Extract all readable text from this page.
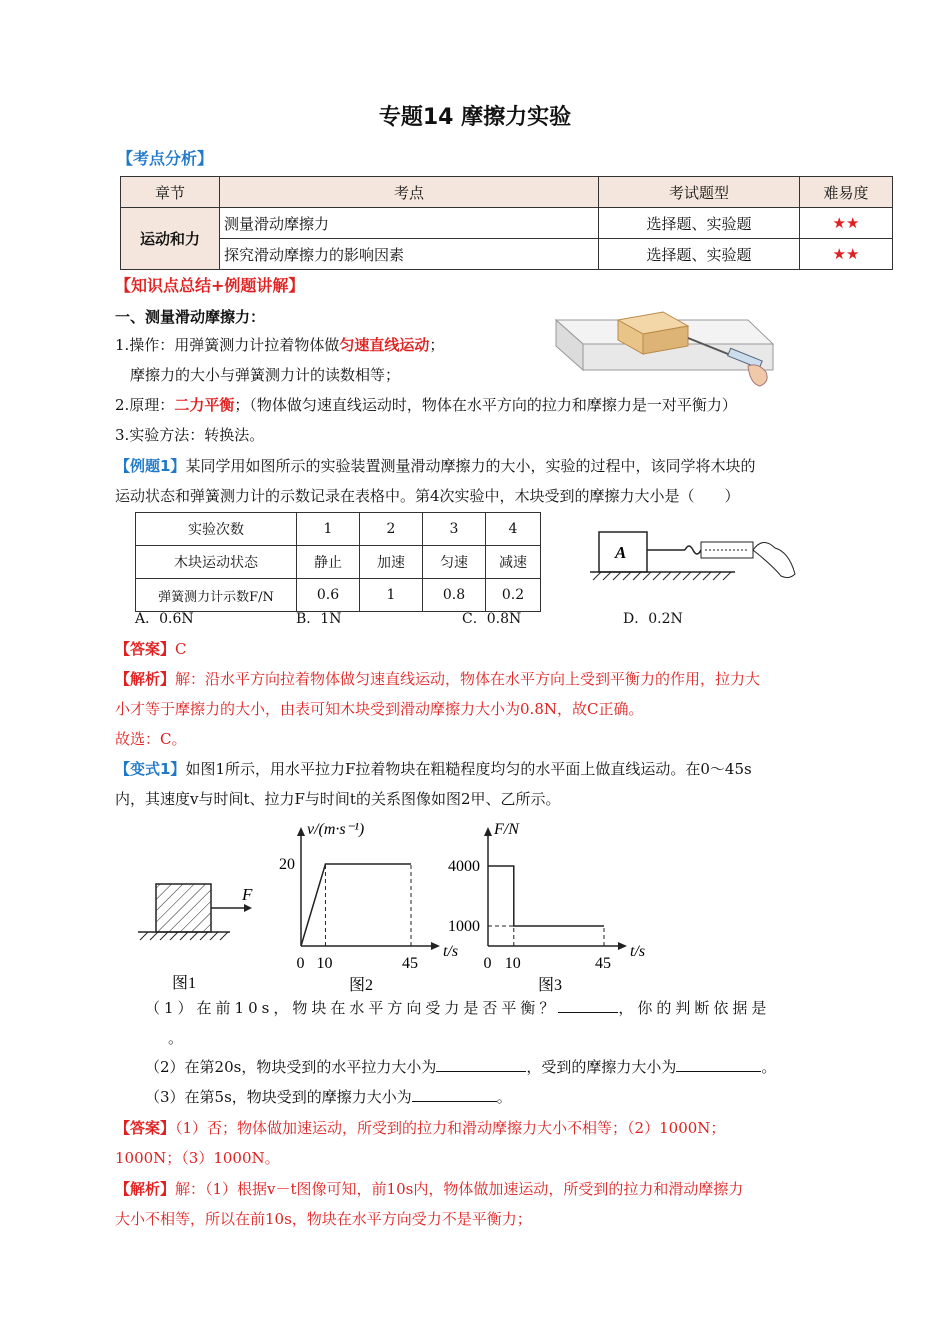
专题14 摩擦力实验
【考点分析】
章节	考点	考试题型	难易度
运动和力	测量滑动摩擦力	选择题、实验题	★★
	探究滑动摩擦力的影响因素	选择题、实验题	★★
【知识点总结+例题讲解】
一、测量滑动摩擦力：
1.操作：用弹簧测力计拉着物体做匀速直线运动；
摩擦力的大小与弹簧测力计的读数相等；
2.原理：二力平衡；（物体做匀速直线运动时，物体在水平方向的拉力和摩擦力是一对平衡力）
3.实验方法：转换法。
【例题1】某同学用如图所示的实验装置测量滑动摩擦力的大小，实验的过程中，该同学将木块的
运动状态和弹簧测力计的示数记录在表格中。第4次实验中，木块受到的摩擦力大小是（　　）
实验次数	1	2	3	4
木块运动状态	静止	加速	匀速	减速
弹簧测力计示数F/N	0.6	1	0.8	0.2
A
A．0.6N	B．1N	C．0.8N	D．0.2N
【答案】C
【解析】解：沿水平方向拉着物体做匀速直线运动，物体在水平方向上受到平衡力的作用，拉力大
小才等于摩擦力的大小，由表可知木块受到滑动摩擦力大小为0.8N，故C正确。
故选：C。
【变式1】如图1所示，用水平拉力F拉着物块在粗糙程度均匀的水平面上做直线运动。在0～45s
内，其速度v与时间t、拉力F与时间t的关系图像如图2甲、乙所示。
F
图1
v/(m·s⁻¹)
t/s
0 10	45
20
图2
F/N
t/s
0 10	45
4000
1000
图3
（1）在前10s，物块在水平方向受力是否平衡？	，你的判断依据是
。
（2）在第20s，物块受到的水平拉力大小为	，受到的摩擦力大小为	。
（3）在第5s，物块受到的摩擦力大小为	。
【答案】（1）否；物体做加速运动，所受到的拉力和滑动摩擦力大小不相等；（2）1000N；
1000N；（3）1000N。
【解析】解：（1）根据v－t图像可知，前10s内，物体做加速运动，所受到的拉力和滑动摩擦力
大小不相等，所以在前10s，物块在水平方向受力不是平衡力；
